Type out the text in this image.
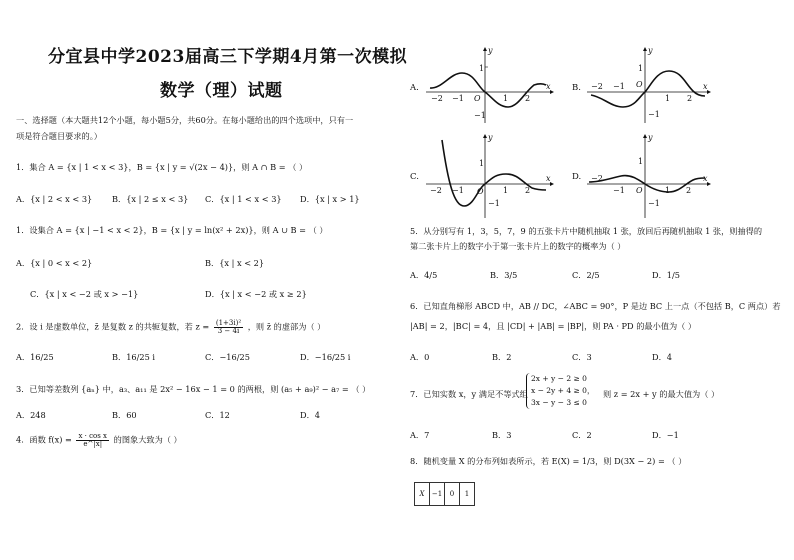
分宜县中学2023届高三下学期4月第一次模拟
数学（理）试题
一、选择题（本大题共12个小题，每小题5分，共60分。在每小题给出的四个选项中，只有一
项是符合题目要求的。）
1．集合 A = {x | 1 < x < 3}，B = {x | y = √(2x − 4)}，则 A ∩ B = （ ）
A．{x | 2 < x < 3} B．{x | 2 ≤ x < 3} C．{x | 1 < x < 3} D．{x | x > 1}
1．设集合 A = {x | −1 < x < 2}，B = {x | y = ln(x² + 2x)}，则 A ∪ B = （ ）
A．{x | 0 < x < 2}	B．{x | x < 2}
C．{x | x < −2 或 x > −1}	D．{x | x < −2 或 x ≥ 2}
2．设 i 是虚数单位，z̄ 是复数 z 的共轭复数，若 $z = \frac{\text{(1+3i)²}}{3 - 4i}$ ，则 z̄ 的虚部为（ ）
A．16/25	B．16/25 i	C．−16/25	D．−16/25 i
3．已知等差数列 {aₙ} 中，a₃、a₁₁ 是 2x² − 16x − 1 = 0 的两根，则 (a₅ + a₉)² − a₇ = （ ）
A．248	B．60	C．12	D．4
4．函数 $f(x) = \frac{\text{x · cos x}}{e\^{}|x|}$ 的图象大致为（ ）
A.	B.
C.	D.
y
x
O
1
−1
−2 −1	1 2
y
x
O
1
−1
−2 −1
1 2
y
x
O
1
−1
−2 −1	1 2
y
x
O
1
−1
−2
−1	1 2
5．从分别写有 1，3，5，7，9 的五张卡片中随机抽取 1 张，放回后再随机抽取 1 张，则抽得的
第二张卡片上的数字小于第一张卡片上的数字的概率为（ ）
A．4/5	B．3/5	C．2/5	D．1/5
6．已知直角梯形 ABCD 中，AB // DC，∠ABC = 90°，P 是边 BC 上一点（不包括 B，C 两点）若
|AB| = 2，|BC| = 4，且 |CD| + |AB| = |BP|，则 PA · PD 的最小值为（ ）
A．0	B．2	C．3	D．4
7．已知实数 x，y 满足不等式组
2x + y − 2 ≥ 0
x − 2y + 4 ≥ 0，
3x − y − 3 ≤ 0
则 z = 2x + y 的最大值为（ ）
A．7	B．3	C．2	D．−1
8．随机变量 X 的分布列如表所示，若 E(X) = 1/3，则 D(3X − 2) = （ ）
X	−1	0	1
